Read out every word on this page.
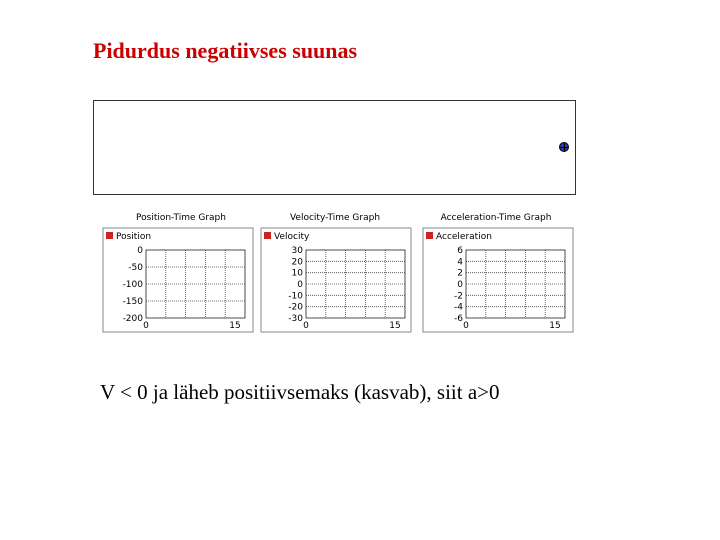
Pidurdus negatiivses suunas
Position-Time Graph
Position
0
-50
-100
-150
-200
0	15
Velocity-Time Graph
Velocity
30
20
10
0
-10
-20
-30
0	15
Acceleration-Time Graph
Acceleration
6
4
2
0
-2
-4
-6
0	15
V < 0 ja läheb positiivsemaks (kasvab), siit a>0
